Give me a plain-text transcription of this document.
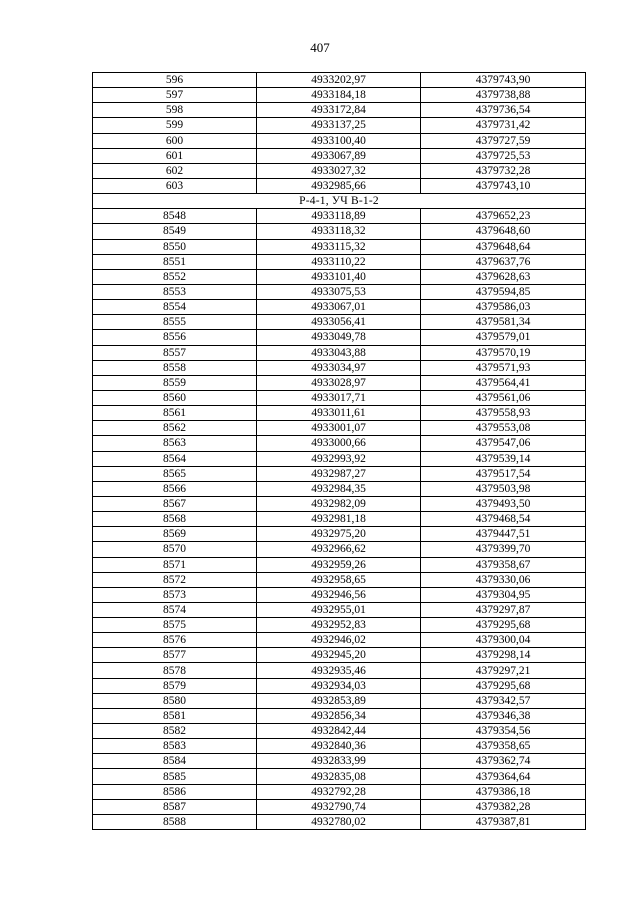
407
596	4933202,97	4379743,90
597	4933184,18	4379738,88
598	4933172,84	4379736,54
599	4933137,25	4379731,42
600	4933100,40	4379727,59
601	4933067,89	4379725,53
602	4933027,32	4379732,28
603	4932985,66	4379743,10
Р-4-1, УЧ В-1-2		
8548	4933118,89	4379652,23
8549	4933118,32	4379648,60
8550	4933115,32	4379648,64
8551	4933110,22	4379637,76
8552	4933101,40	4379628,63
8553	4933075,53	4379594,85
8554	4933067,01	4379586,03
8555	4933056,41	4379581,34
8556	4933049,78	4379579,01
8557	4933043,88	4379570,19
8558	4933034,97	4379571,93
8559	4933028,97	4379564,41
8560	4933017,71	4379561,06
8561	4933011,61	4379558,93
8562	4933001,07	4379553,08
8563	4933000,66	4379547,06
8564	4932993,92	4379539,14
8565	4932987,27	4379517,54
8566	4932984,35	4379503,98
8567	4932982,09	4379493,50
8568	4932981,18	4379468,54
8569	4932975,20	4379447,51
8570	4932966,62	4379399,70
8571	4932959,26	4379358,67
8572	4932958,65	4379330,06
8573	4932946,56	4379304,95
8574	4932955,01	4379297,87
8575	4932952,83	4379295,68
8576	4932946,02	4379300,04
8577	4932945,20	4379298,14
8578	4932935,46	4379297,21
8579	4932934,03	4379295,68
8580	4932853,89	4379342,57
8581	4932856,34	4379346,38
8582	4932842,44	4379354,56
8583	4932840,36	4379358,65
8584	4932833,99	4379362,74
8585	4932835,08	4379364,64
8586	4932792,28	4379386,18
8587	4932790,74	4379382,28
8588	4932780,02	4379387,81
